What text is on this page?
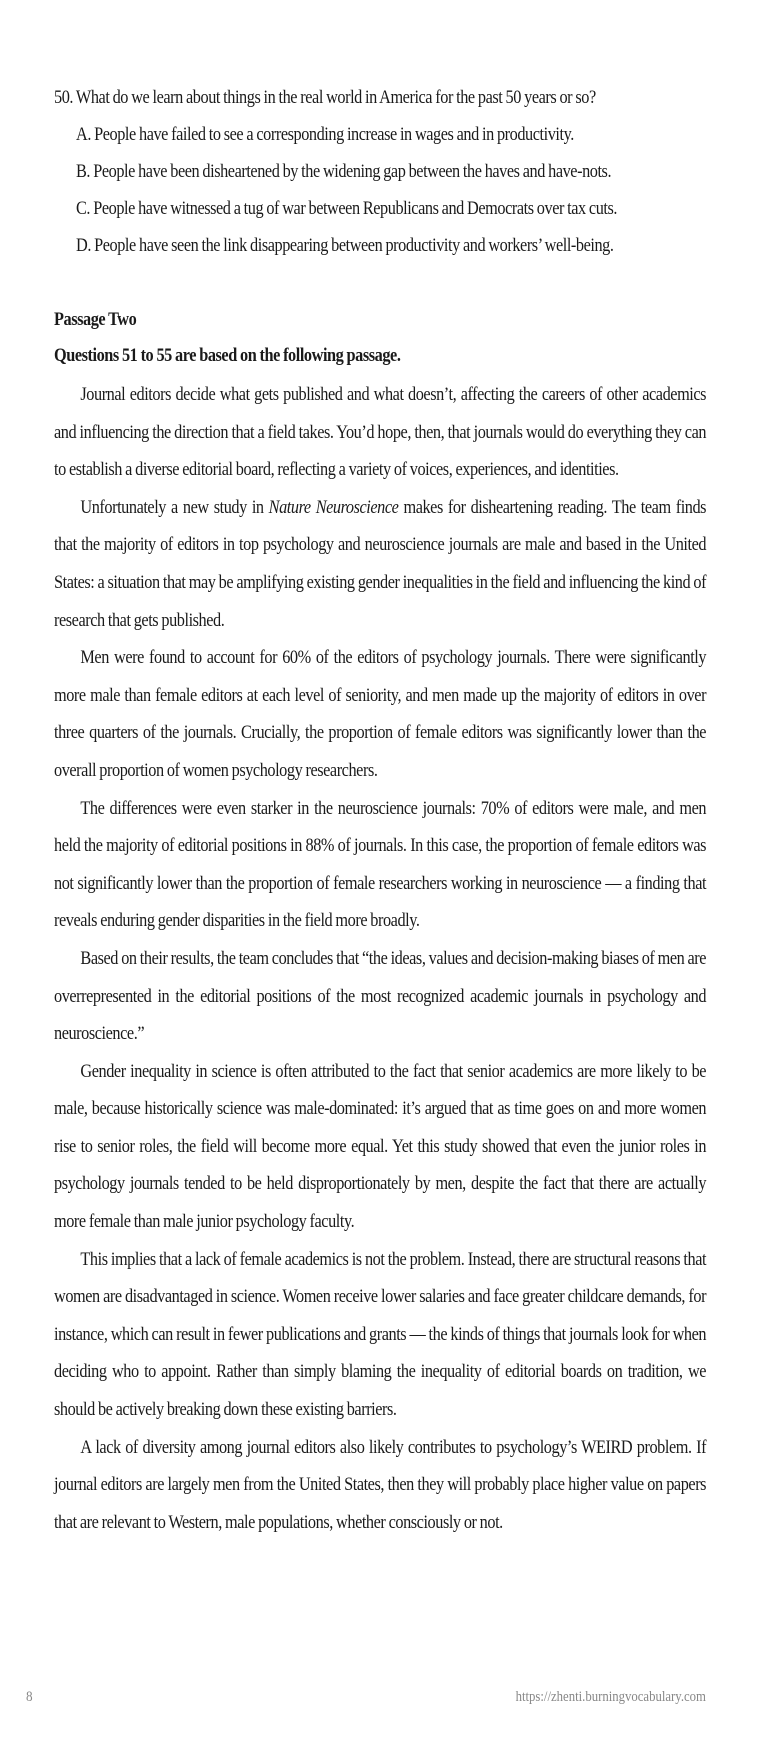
50. What do we learn about things in the real world in America for the past 50 years or so?
A. People have failed to see a corresponding increase in wages and in productivity.
B. People have been disheartened by the widening gap between the haves and have-nots.
C. People have witnessed a tug of war between Republicans and Democrats over tax cuts.
D. People have seen the link disappearing between productivity and workers’ well-being.
Passage Two
Questions 51 to 55 are based on the following passage.

Journal editors decide what gets published and what doesn’t, affecting the careers of other academics and influencing the direction that a field takes. You’d hope, then, that journals would do everything they can to establish a diverse editorial board, reflecting a variety of voices, experiences, and identities.

Unfortunately a new study in Nature Neuroscience makes for disheartening reading. The team finds that the majority of editors in top psychology and neuroscience journals are male and based in the United States: a situation that may be amplifying existing gender inequalities in the field and influencing the kind of research that gets published.

Men were found to account for 60% of the editors of psychology journals. There were significantly more male than female editors at each level of seniority, and men made up the majority of editors in over three quarters of the journals. Crucially, the proportion of female editors was significantly lower than the overall proportion of women psychology researchers.

The differences were even starker in the neuroscience journals: 70% of editors were male, and men held the majority of editorial positions in 88% of journals. In this case, the proportion of female editors was not significantly lower than the proportion of female researchers working in neuroscience — a finding that reveals enduring gender disparities in the field more broadly.

Based on their results, the team concludes that “the ideas, values and decision-making biases of men are overrepresented in the editorial positions of the most recognized academic journals in psychology and neuroscience.”

Gender inequality in science is often attributed to the fact that senior academics are more likely to be male, because historically science was male-dominated: it’s argued that as time goes on and more women rise to senior roles, the field will become more equal. Yet this study showed that even the junior roles in psychology journals tended to be held disproportionately by men, despite the fact that there are actually more female than male junior psychology faculty.

This implies that a lack of female academics is not the problem. Instead, there are structural reasons that women are disadvantaged in science. Women receive lower salaries and face greater childcare demands, for instance, which can result in fewer publications and grants — the kinds of things that journals look for when deciding who to appoint. Rather than simply blaming the inequality of editorial boards on tradition, we should be actively breaking down these existing barriers.

A lack of diversity among journal editors also likely contributes to psychology’s WEIRD problem. If journal editors are largely men from the United States, then they will probably place higher value on papers that are relevant to Western, male populations, whether consciously or not.

8	https://zhenti.burningvocabulary.com
